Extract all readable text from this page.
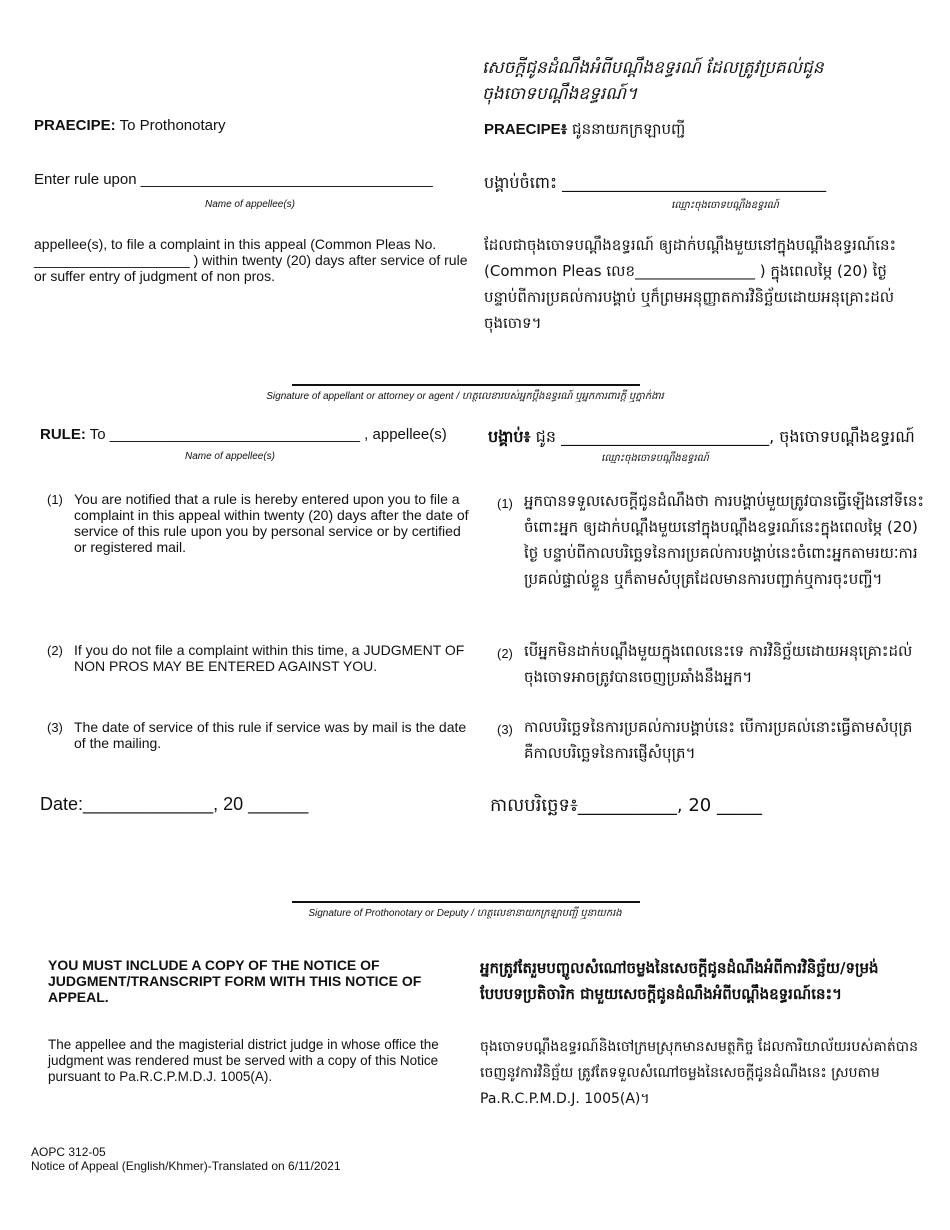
សេចក្តីជូនដំណឹងអំពីបណ្តឹងឧទ្ធរណ៍ ដែលត្រូវប្រគល់ជូនចុងចោទបណ្តឹងឧទ្ធរណ៍។
PRAECIPE: To Prothonotary	PRAECIPE៖ ជូននាយកក្រឡាបញ្ជី
Enter rule upon ___________________________________
Name of appellee(s)
បង្គាប់ចំពោះ _________________________________
ឈ្មោះចុងចោទបណ្តឹងឧទ្ធរណ៍
appellee(s), to file a complaint in this appeal (Common Pleas No. ____________________ ) within twenty (20) days after service of rule or suffer entry of judgment of non pros.
ដែលជាចុងចោទបណ្តឹងឧទ្ធរណ៍ ឲ្យដាក់បណ្តឹងមួយនៅក្នុងបណ្តឹងឧទ្ធរណ៍នេះ (Common Pleas លេខ________________ ) ក្នុងពេលម្ភៃ (20) ថ្ងៃ បន្ទាប់ពីការប្រគល់ការបង្គាប់ ឬក៏ព្រមអនុញ្ញាតការវិនិច្ឆ័យដោយអនុគ្រោះដល់ចុងចោទ។
Signature of appellant or attorney or agent / ហត្ថលេខារបស់អ្នកប្តឹងឧទ្ធរណ៍ ឬអ្នកការពារក្តី ឬភ្នាក់ងារ
RULE: To ______________________________ , appellee(s)
Name of appellee(s)
បង្គាប់៖ ជូន __________________________, ចុងចោទបណ្តឹងឧទ្ធរណ៍
ឈ្មោះចុងចោទបណ្តឹងឧទ្ធរណ៍
(1) You are notified that a rule is hereby entered upon you to file a complaint in this appeal within twenty (20) days after the date of service of this rule upon you by personal service or by certified or registered mail.
(2) If you do not file a complaint within this time, a JUDGMENT OF NON PROS MAY BE ENTERED AGAINST YOU.
(3) The date of service of this rule if service was by mail is the date of the mailing.
(1) អ្នកបានទទួលសេចក្តីជូនដំណឹងថា ការបង្គាប់មួយត្រូវបានធ្វើឡើងនៅទីនេះចំពោះអ្នក ឲ្យដាក់បណ្តឹងមួយនៅក្នុងបណ្តឹងឧទ្ធរណ៍នេះក្នុងពេលម្ភៃ (20) ថ្ងៃ បន្ទាប់ពីកាលបរិច្ឆេទនៃការប្រគល់ការបង្គាប់នេះចំពោះអ្នកតាមរយៈការប្រគល់ផ្ទាល់ខ្លួន ឬក៏តាមសំបុត្រដែលមានការបញ្ជាក់ឬការចុះបញ្ជី។
(2) បើអ្នកមិនដាក់បណ្តឹងមួយក្នុងពេលនេះទេ ការវិនិច្ឆ័យដោយអនុគ្រោះដល់ចុងចោទអាចត្រូវបានចេញប្រឆាំងនឹងអ្នក។
(3) កាលបរិច្ឆេទនៃការប្រគល់ការបង្គាប់នេះ បើការប្រគល់នោះធ្វើតាមសំបុត្រ គឺកាលបរិច្ឆេទនៃការផ្ញើសំបុត្រ។
Date:_____________, 20 ______	កាលបរិច្ឆេទ៖___________, 20 _____
Signature of Prothonotary or Deputy / ហត្ថលេខានាយកក្រឡាបញ្ជី ឬនាយករង
YOU MUST INCLUDE A COPY OF THE NOTICE OF JUDGMENT/TRANSCRIPT FORM WITH THIS NOTICE OF APPEAL.
The appellee and the magisterial district judge in whose office the judgment was rendered must be served with a copy of this Notice pursuant to Pa.R.C.P.M.D.J. 1005(A).
អ្នកត្រូវតែរួមបញ្ចូលសំណៅចម្លងនៃសេចក្តីជូនដំណឹងអំពីការវិនិច្ឆ័យ/ទម្រង់បែបបទប្រតិចារិក ជាមួយសេចក្តីជូនដំណឹងអំពីបណ្តឹងឧទ្ធរណ៍នេះ។
ចុងចោទបណ្តឹងឧទ្ធរណ៍និងចៅក្រមស្រុកមានសមត្ថកិច្ច ដែលការិយាល័យរបស់គាត់បានចេញនូវការវិនិច្ឆ័យ ត្រូវតែទទួលសំណៅចម្លងនៃសេចក្តីជូនដំណឹងនេះ ស្របតាម Pa.R.C.P.M.D.J. 1005(A)។
AOPC 312-05
Notice of Appeal (English/Khmer)-Translated on 6/11/2021
